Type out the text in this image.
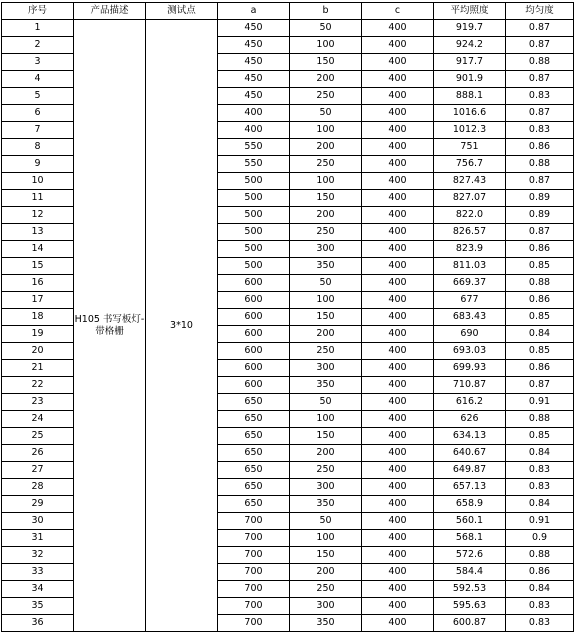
序号	产品描述	测试点	a	b	c	平均照度	均匀度
1	H105 书写板灯-带格栅	3*10	450	50	400	919.7	0.87
2			450	100	400	924.2	0.87
3			450	150	400	917.7	0.88
4			450	200	400	901.9	0.87
5			450	250	400	888.1	0.83
6			400	50	400	1016.6	0.87
7			400	100	400	1012.3	0.83
8			550	200	400	751	0.86
9			550	250	400	756.7	0.88
10			500	100	400	827.43	0.87
11			500	150	400	827.07	0.89
12			500	200	400	822.0	0.89
13			500	250	400	826.57	0.87
14			500	300	400	823.9	0.86
15			500	350	400	811.03	0.85
16			600	50	400	669.37	0.88
17			600	100	400	677	0.86
18			600	150	400	683.43	0.85
19			600	200	400	690	0.84
20			600	250	400	693.03	0.85
21			600	300	400	699.93	0.86
22			600	350	400	710.87	0.87
23			650	50	400	616.2	0.91
24			650	100	400	626	0.88
25			650	150	400	634.13	0.85
26			650	200	400	640.67	0.84
27			650	250	400	649.87	0.83
28			650	300	400	657.13	0.83
29			650	350	400	658.9	0.84
30			700	50	400	560.1	0.91
31			700	100	400	568.1	0.9
32			700	150	400	572.6	0.88
33			700	200	400	584.4	0.86
34			700	250	400	592.53	0.84
35			700	300	400	595.63	0.83
36			700	350	400	600.87	0.83
